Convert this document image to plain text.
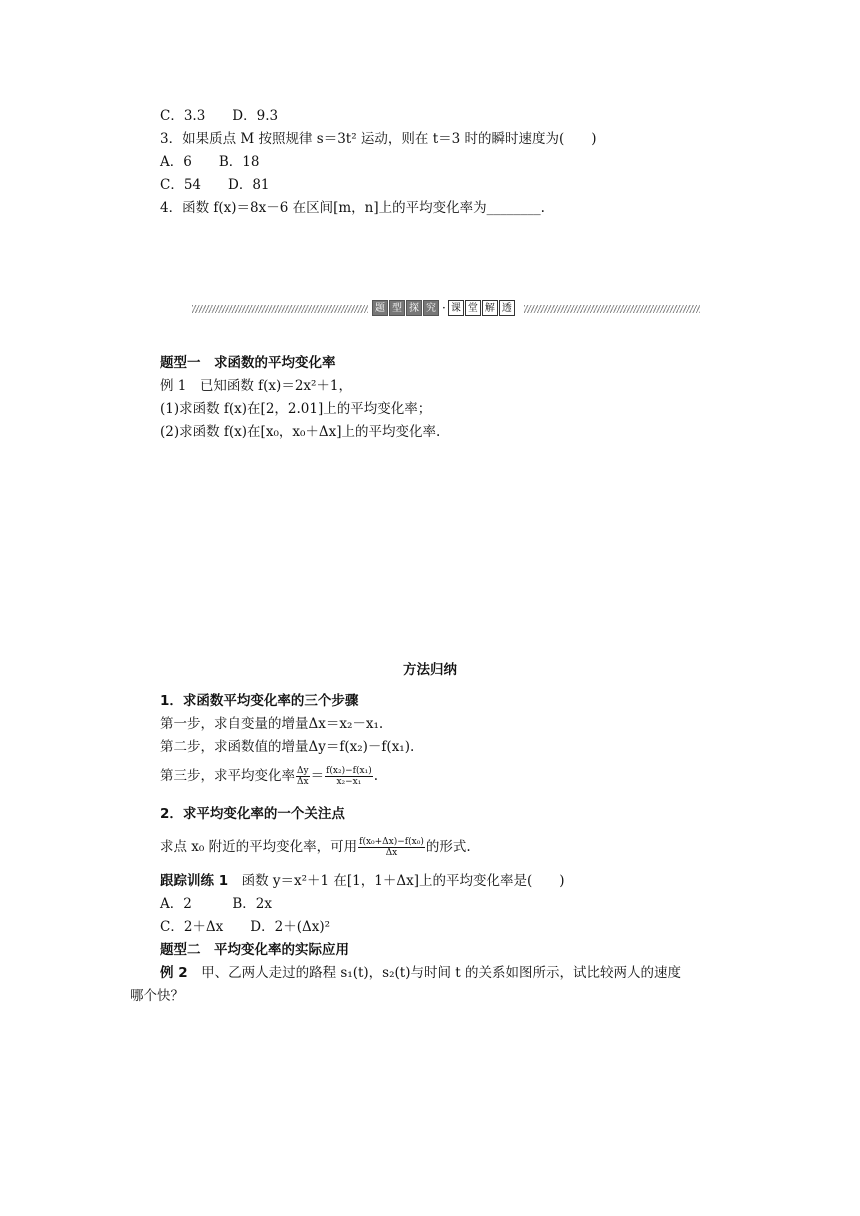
C．3.3　　D．9.3
3．如果质点 M 按照规律 s＝3t² 运动，则在 t＝3 时的瞬时速度为(　　)
A．6　　B．18
C．54　　D．81
4．函数 f(x)＝8x－6 在区间[m，n]上的平均变化率为________.
题 型 探 究 · 课 堂 解 透
题型一　求函数的平均变化率
例 1　已知函数 f(x)＝2x²＋1，
(1)求函数 f(x)在[2，2.01]上的平均变化率；
(2)求函数 f(x)在[x₀，x₀＋Δx]上的平均变化率.
方法归纳
1．求函数平均变化率的三个步骤
第一步，求自变量的增量Δx＝x₂－x₁.
第二步，求函数值的增量Δy＝f(x₂)－f(x₁).
第三步，求平均变化率 $\frac{\Delta y}{\Delta x} = \frac{\text{f(x₂)−f(x₁)}}{\text{x₂−x₁}}$ .
2．求平均变化率的一个关注点
求点 x₀ 附近的平均变化率，可用 $\frac{\text{f(x₀+Δx)−f(x₀)}}{\Delta x}$ 的形式.
跟踪训练 1　函数 y＝x²＋1 在[1，1＋Δx]上的平均变化率是(　　)
A．2　　　B．2x
C．2＋Δx　　D．2＋(Δx)²
题型二　平均变化率的实际应用
例 2　甲、乙两人走过的路程 s₁(t)，s₂(t)与时间 t 的关系如图所示，试比较两人的速度
哪个快？
